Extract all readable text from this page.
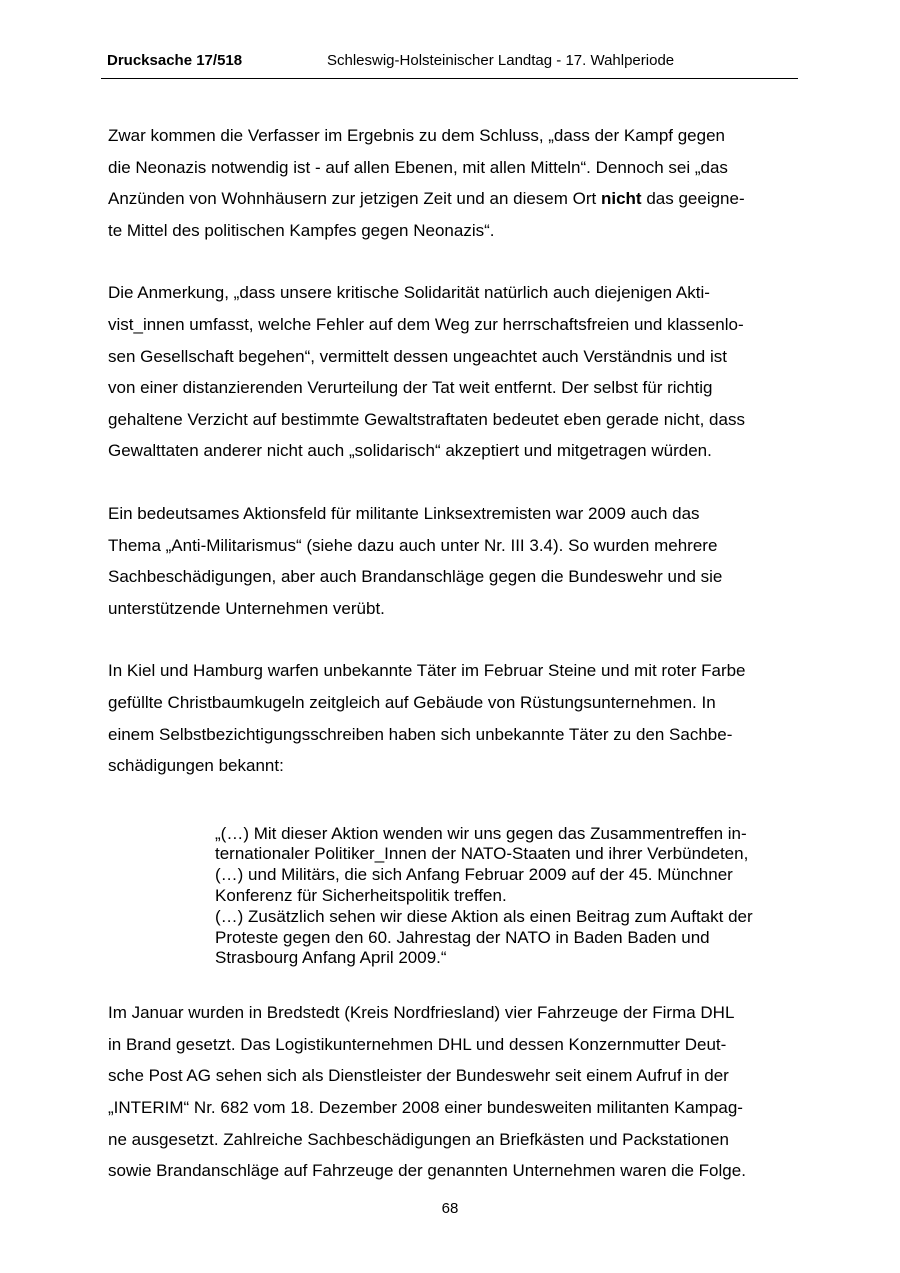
Drucksache 17/518	Schleswig-Holsteinischer Landtag - 17. Wahlperiode

Zwar kommen die Verfasser im Ergebnis zu dem Schluss, „dass der Kampf gegen
die Neonazis notwendig ist - auf allen Ebenen, mit allen Mitteln“. Dennoch sei „das
Anzünden von Wohnhäusern zur jetzigen Zeit und an diesem Ort nicht das geeigne-
te Mittel des politischen Kampfes gegen Neonazis“.

Die Anmerkung, „dass unsere kritische Solidarität natürlich auch diejenigen Akti-
vist_innen umfasst, welche Fehler auf dem Weg zur herrschaftsfreien und klassenlo-
sen Gesellschaft begehen“, vermittelt dessen ungeachtet auch Verständnis und ist
von einer distanzierenden Verurteilung der Tat weit entfernt. Der selbst für richtig
gehaltene Verzicht auf bestimmte Gewaltstraftaten bedeutet eben gerade nicht, dass
Gewalttaten anderer nicht auch „solidarisch“ akzeptiert und mitgetragen würden.

Ein bedeutsames Aktionsfeld für militante Linksextremisten war 2009 auch das
Thema „Anti-Militarismus“ (siehe dazu auch unter Nr. III 3.4). So wurden mehrere
Sachbeschädigungen, aber auch Brandanschläge gegen die Bundeswehr und sie
unterstützende Unternehmen verübt.

In Kiel und Hamburg warfen unbekannte Täter im Februar Steine und mit roter Farbe
gefüllte Christbaumkugeln zeitgleich auf Gebäude von Rüstungsunternehmen. In
einem Selbstbezichtigungsschreiben haben sich unbekannte Täter zu den Sachbe-
schädigungen bekannt:

„(…) Mit dieser Aktion wenden wir uns gegen das Zusammentreffen in-
ternationaler Politiker_Innen der NATO-Staaten und ihrer Verbündeten,
(…) und Militärs, die sich Anfang Februar 2009 auf der 45. Münchner
Konferenz für Sicherheitspolitik treffen.
(…) Zusätzlich sehen wir diese Aktion als einen Beitrag zum Auftakt der
Proteste gegen den 60. Jahrestag der NATO in Baden Baden und
Strasbourg Anfang April 2009.“

Im Januar wurden in Bredstedt (Kreis Nordfriesland) vier Fahrzeuge der Firma DHL
in Brand gesetzt. Das Logistikunternehmen DHL und dessen Konzernmutter Deut-
sche Post AG sehen sich als Dienstleister der Bundeswehr seit einem Aufruf in der
„INTERIM“ Nr. 682 vom 18. Dezember 2008 einer bundesweiten militanten Kampag-
ne ausgesetzt. Zahlreiche Sachbeschädigungen an Briefkästen und Packstationen
sowie Brandanschläge auf Fahrzeuge der genannten Unternehmen waren die Folge.

68
